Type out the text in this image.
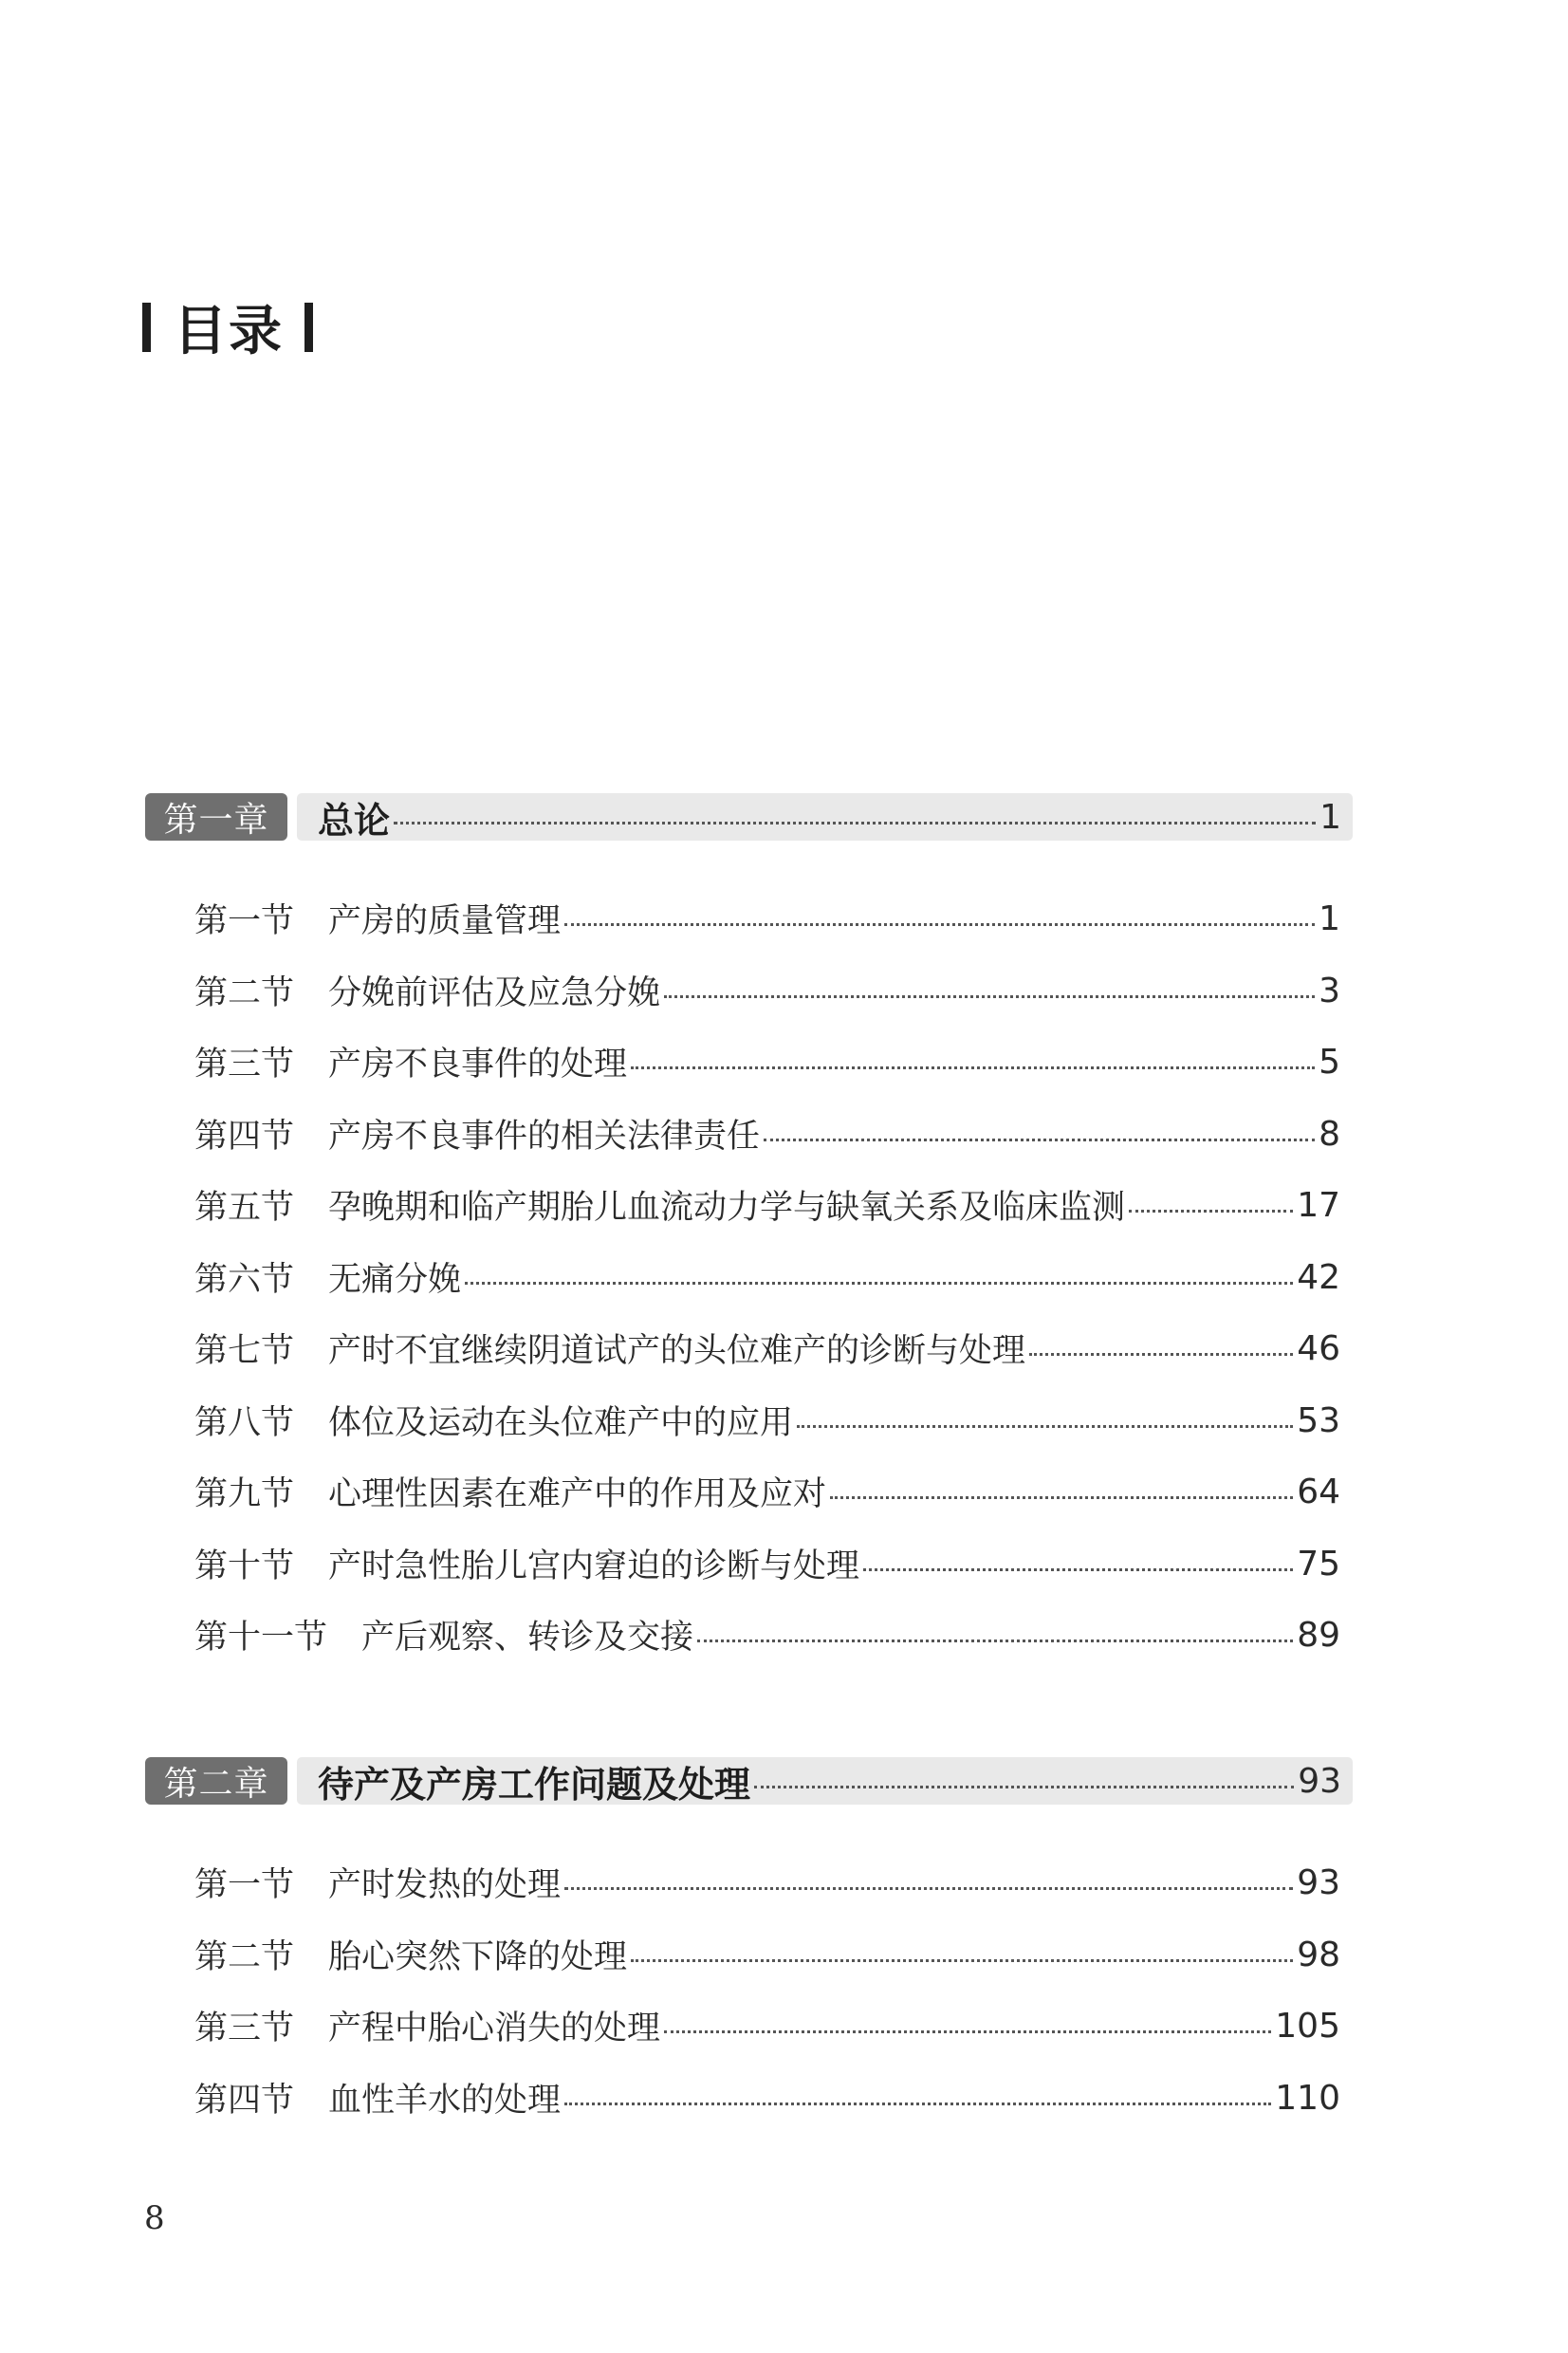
目录
第一章	总论	1
第一节 产房的质量管理	1
第二节 分娩前评估及应急分娩	3
第三节 产房不良事件的处理	5
第四节 产房不良事件的相关法律责任	8
第五节 孕晚期和临产期胎儿血流动力学与缺氧关系及临床监测	17
第六节 无痛分娩	42
第七节 产时不宜继续阴道试产的头位难产的诊断与处理	46
第八节 体位及运动在头位难产中的应用	53
第九节 心理性因素在难产中的作用及应对	64
第十节 产时急性胎儿宫内窘迫的诊断与处理	75
第十一节 产后观察、转诊及交接	89
第二章	待产及产房工作问题及处理	93
第一节 产时发热的处理	93
第二节 胎心突然下降的处理	98
第三节 产程中胎心消失的处理	105
第四节 血性羊水的处理	110
8
